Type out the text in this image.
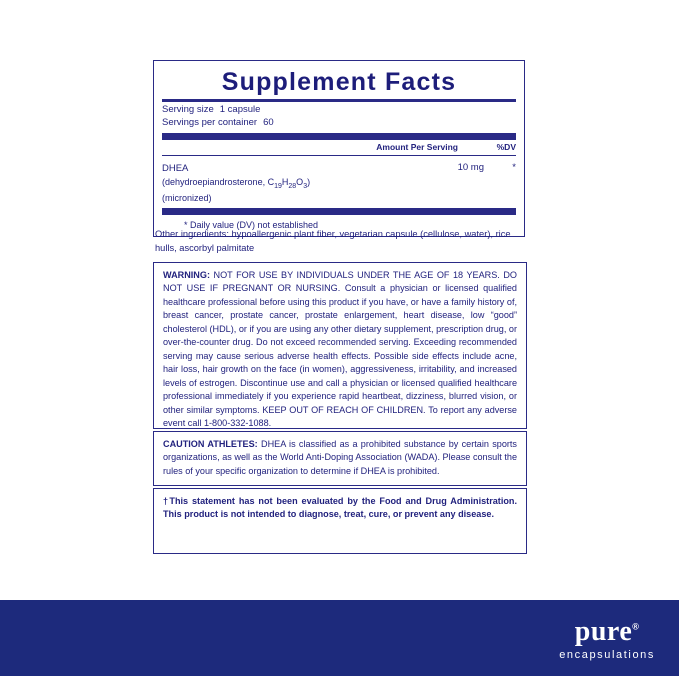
Supplement Facts
Serving size 1 capsule
Servings per container 60
Amount Per Serving	%DV
DHEA
(dehydroepiandrosterone, $C_{19}H_{28}O_3$)
(micronized)
10 mg	*
* Daily value (DV) not established
Other ingredients: hypoallergenic plant fiber, vegetarian capsule (cellulose, water), rice hulls, ascorbyl palmitate
WARNING: NOT FOR USE BY INDIVIDUALS UNDER THE AGE OF 18 YEARS. DO NOT USE IF PREGNANT OR NURSING. Consult a physician or licensed qualified healthcare professional before using this product if you have, or have a family history of, breast cancer, prostate cancer, prostate enlargement, heart disease, low “good” cholesterol (HDL), or if you are using any other dietary supplement, prescription drug, or over-the-counter drug. Do not exceed recommended serving. Exceeding recommended serving may cause serious adverse health effects. Possible side effects include acne, hair loss, hair growth on the face (in women), aggressiveness, irritability, and increased levels of estrogen. Discontinue use and call a physician or licensed qualified healthcare professional immediately if you experience rapid heartbeat, dizziness, blurred vision, or other similar symptoms. KEEP OUT OF REACH OF CHILDREN. To report any adverse event call 1-800-332-1088.
CAUTION ATHLETES: DHEA is classified as a prohibited substance by certain sports organizations, as well as the World Anti-Doping Association (WADA). Please consult the rules of your specific organization to determine if DHEA is prohibited.
†This statement has not been evaluated by the Food and Drug Administration. This product is not intended to diagnose, treat, cure, or prevent any disease.
pure®
encapsulations
